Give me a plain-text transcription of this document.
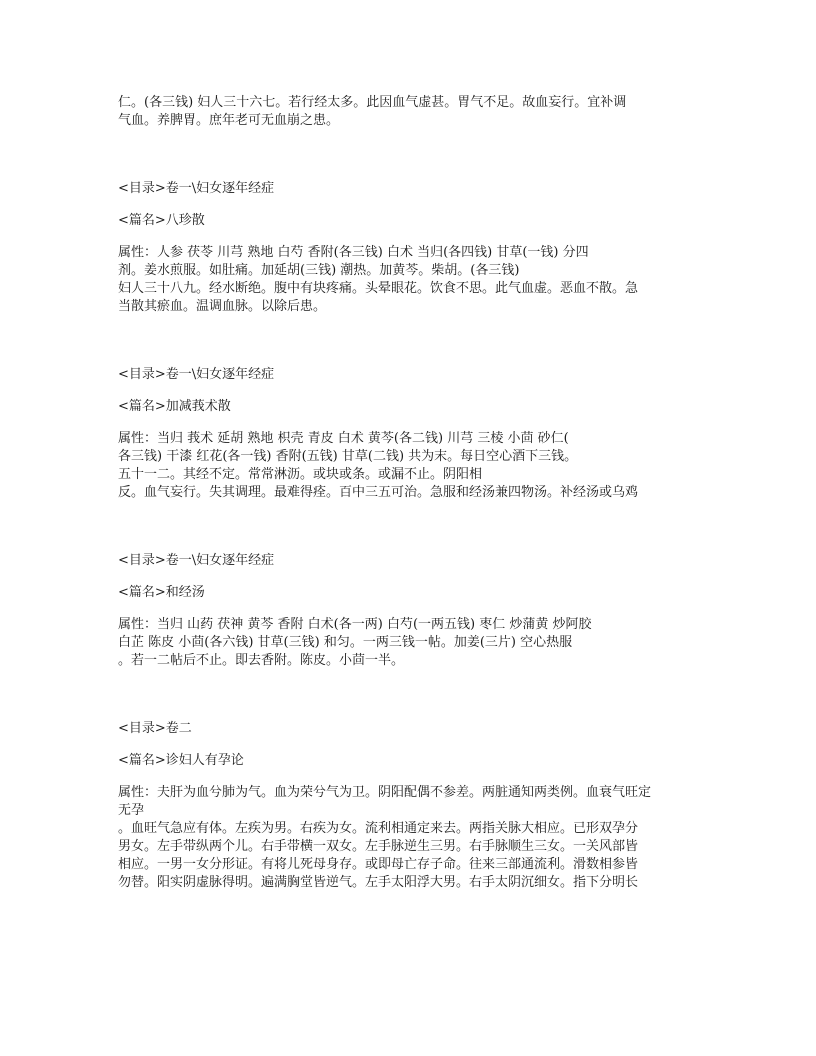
仁。(各三钱) 妇人三十六七。若行经太多。此因血气虚甚。胃气不足。故血妄行。宜补调
气血。养脾胃。庶年老可无血崩之患。
<目录>卷一\妇女逐年经症
<篇名>八珍散
属性：人参 茯苓 川芎 熟地 白芍 香附(各三钱) 白术 当归(各四钱) 甘草(一钱) 分四
剂。姜水煎服。如肚痛。加延胡(三钱) 潮热。加黄芩。柴胡。(各三钱)
妇人三十八九。经水断绝。腹中有块疼痛。头晕眼花。饮食不思。此气血虚。恶血不散。急
当散其瘀血。温调血脉。以除后患。
<目录>卷一\妇女逐年经症
<篇名>加减莪术散
属性：当归 莪术 延胡 熟地 枳壳 青皮 白术 黄芩(各二钱) 川芎 三棱 小茴 砂仁(
各三钱) 干漆 红花(各一钱) 香附(五钱) 甘草(二钱) 共为末。每日空心酒下三钱。
五十一二。其经不定。常常淋沥。或块或条。或漏不止。阴阳相
反。血气妄行。失其调理。最难得痊。百中三五可治。急服和经汤兼四物汤。补经汤或乌鸡
<目录>卷一\妇女逐年经症
<篇名>和经汤
属性：当归 山药 茯神 黄芩 香附 白术(各一两) 白芍(一两五钱) 枣仁 炒蒲黄 炒阿胶
白芷 陈皮 小茴(各六钱) 甘草(三钱) 和匀。一两三钱一帖。加姜(三片) 空心热服
。若一二帖后不止。即去香附。陈皮。小茴一半。
<目录>卷二
<篇名>诊妇人有孕论
属性：夫肝为血兮肺为气。血为荣兮气为卫。阴阳配偶不参差。两脏通知两类例。血衰气旺定
无孕
。血旺气急应有体。左疾为男。右疾为女。流利相通定来去。两指关脉大相应。已形双孕分
男女。左手带纵两个儿。右手带横一双女。左手脉逆生三男。右手脉顺生三女。一关风部皆
相应。一男一女分形证。有将儿死母身存。或即母亡存子命。往来三部通流利。滑数相参皆
勿替。阳实阴虚脉得明。遍满胸堂皆逆气。左手太阳浮大男。右手太阴沉细女。指下分明长
